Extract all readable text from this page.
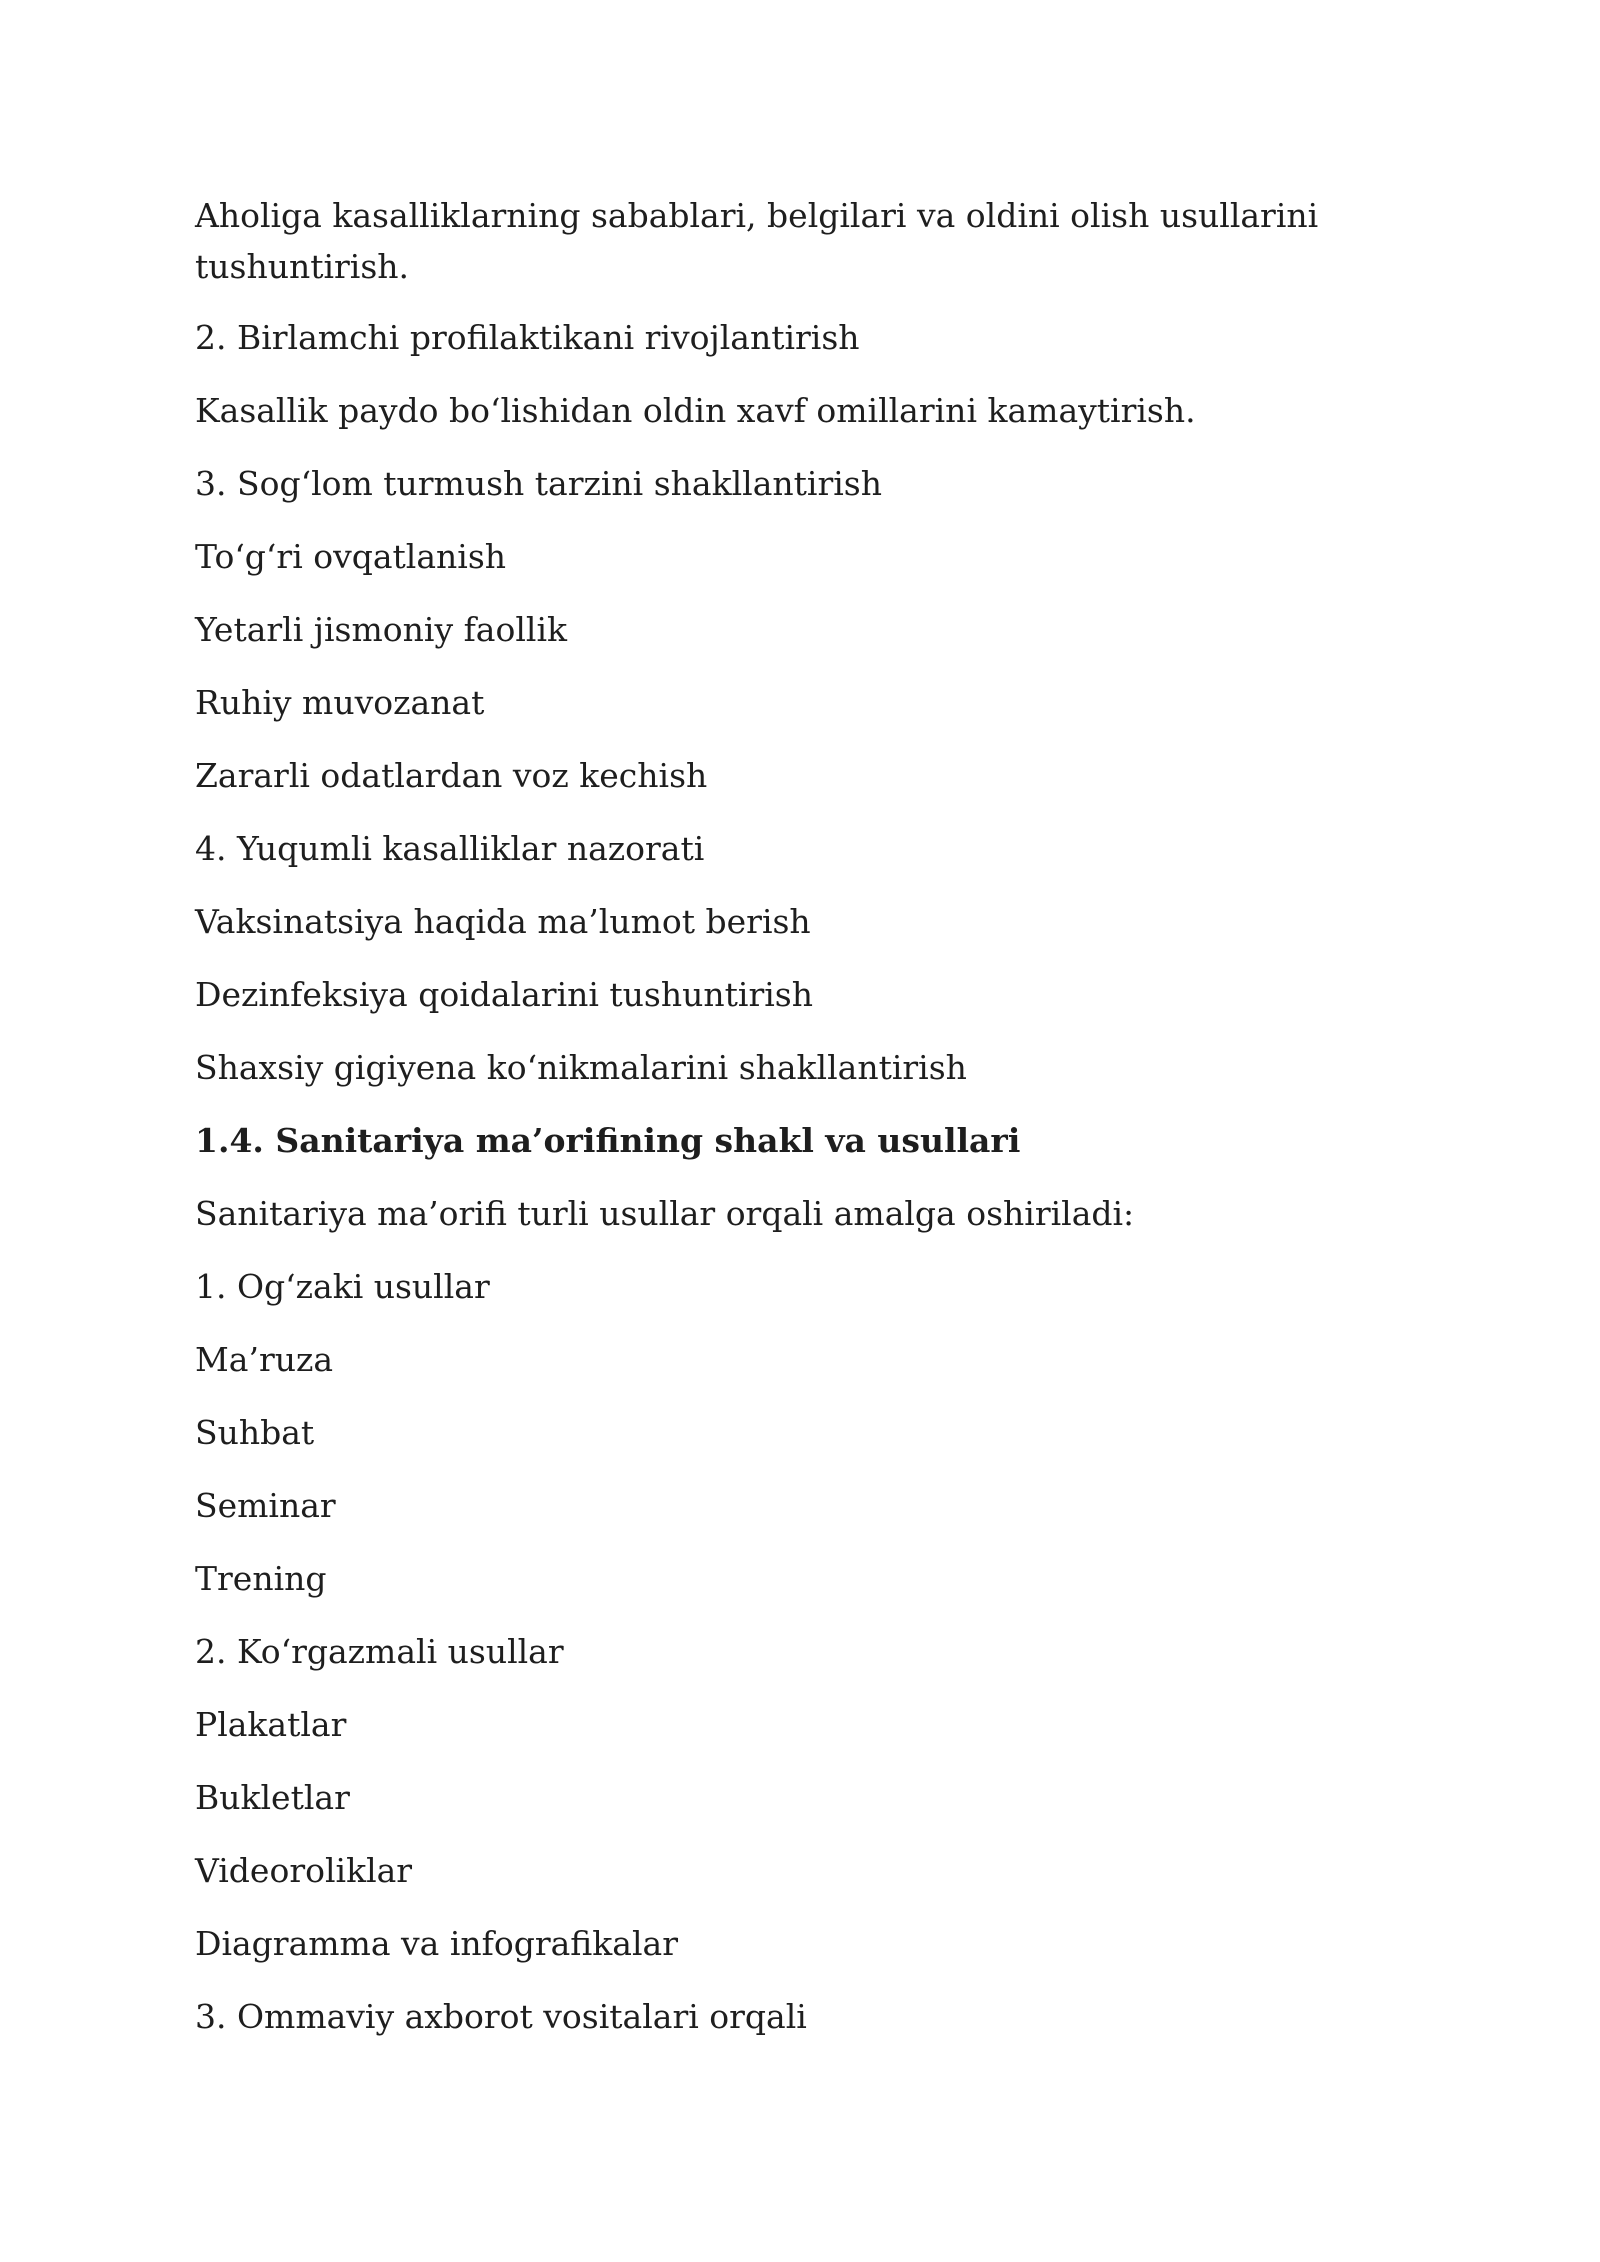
Aholiga kasalliklarning sabablari, belgilari va oldini olish usullarini tushuntirish.

2. Birlamchi profilaktikani rivojlantirish

Kasallik paydo bo‘lishidan oldin xavf omillarini kamaytirish.

3. Sog‘lom turmush tarzini shakllantirish

To‘g‘ri ovqatlanish

Yetarli jismoniy faollik

Ruhiy muvozanat

Zararli odatlardan voz kechish

4. Yuqumli kasalliklar nazorati

Vaksinatsiya haqida ma’lumot berish

Dezinfeksiya qoidalarini tushuntirish

Shaxsiy gigiyena ko‘nikmalarini shakllantirish

1.4. Sanitariya ma’orifining shakl va usullari

Sanitariya ma’orifi turli usullar orqali amalga oshiriladi:

1. Og‘zaki usullar

Ma’ruza

Suhbat

Seminar

Trening

2. Ko‘rgazmali usullar

Plakatlar

Bukletlar

Videoroliklar

Diagramma va infografikalar

3. Ommaviy axborot vositalari orqali
